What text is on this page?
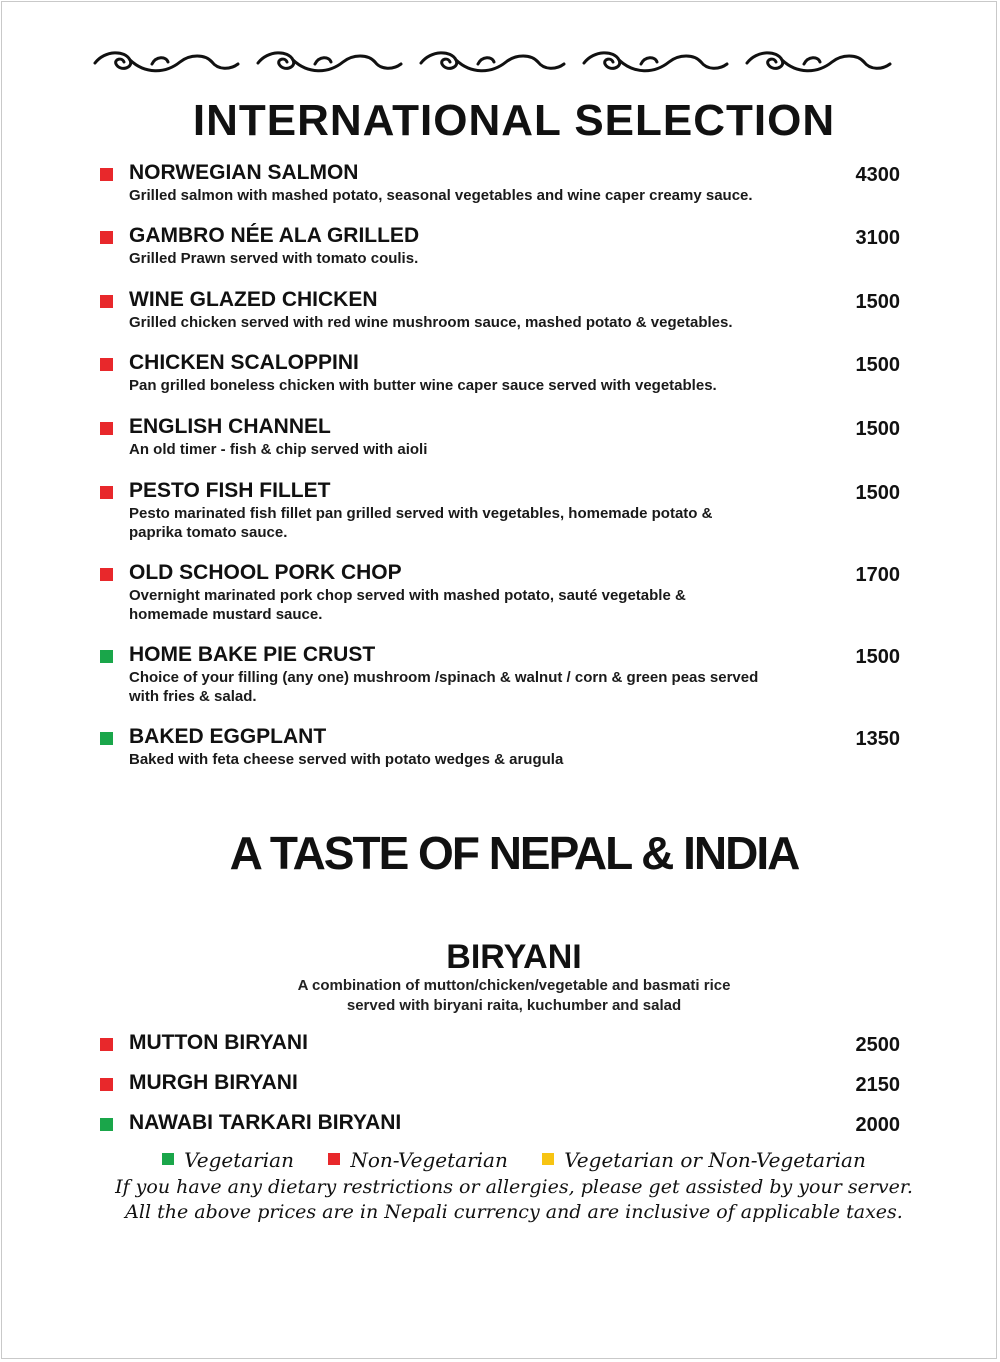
INTERNATIONAL SELECTION
NORWEGIAN SALMON	4300
Grilled salmon with mashed potato, seasonal vegetables and wine caper creamy sauce.
GAMBRO NÉE ALA GRILLED	3100
Grilled Prawn served with tomato coulis.
WINE GLAZED CHICKEN	1500
Grilled chicken served with red wine mushroom sauce, mashed potato & vegetables.
CHICKEN SCALOPPINI	1500
Pan grilled boneless chicken with butter wine caper sauce served with vegetables.
ENGLISH CHANNEL	1500
An old timer - fish & chip served with aioli
PESTO FISH FILLET	1500
Pesto marinated fish fillet pan grilled served with vegetables, homemade potato & paprika tomato sauce.
OLD SCHOOL PORK CHOP	1700
Overnight marinated pork chop served with mashed potato, sauté vegetable & homemade mustard sauce.
HOME BAKE PIE CRUST	1500
Choice of your filling (any one) mushroom /spinach & walnut / corn & green peas served with fries & salad.
BAKED EGGPLANT	1350
Baked with feta cheese served with potato wedges & arugula
A TASTE OF NEPAL & INDIA
BIRYANI
A combination of mutton/chicken/vegetable and basmati rice
served with biryani raita, kuchumber and salad
MUTTON BIRYANI	2500
MURGH BIRYANI	2150
NAWABI TARKARI BIRYANI	2000
Vegetarian	Non-Vegetarian	Vegetarian or Non-Vegetarian
If you have any dietary restrictions or allergies, please get assisted by your server.
All the above prices are in Nepali currency and are inclusive of applicable taxes.
